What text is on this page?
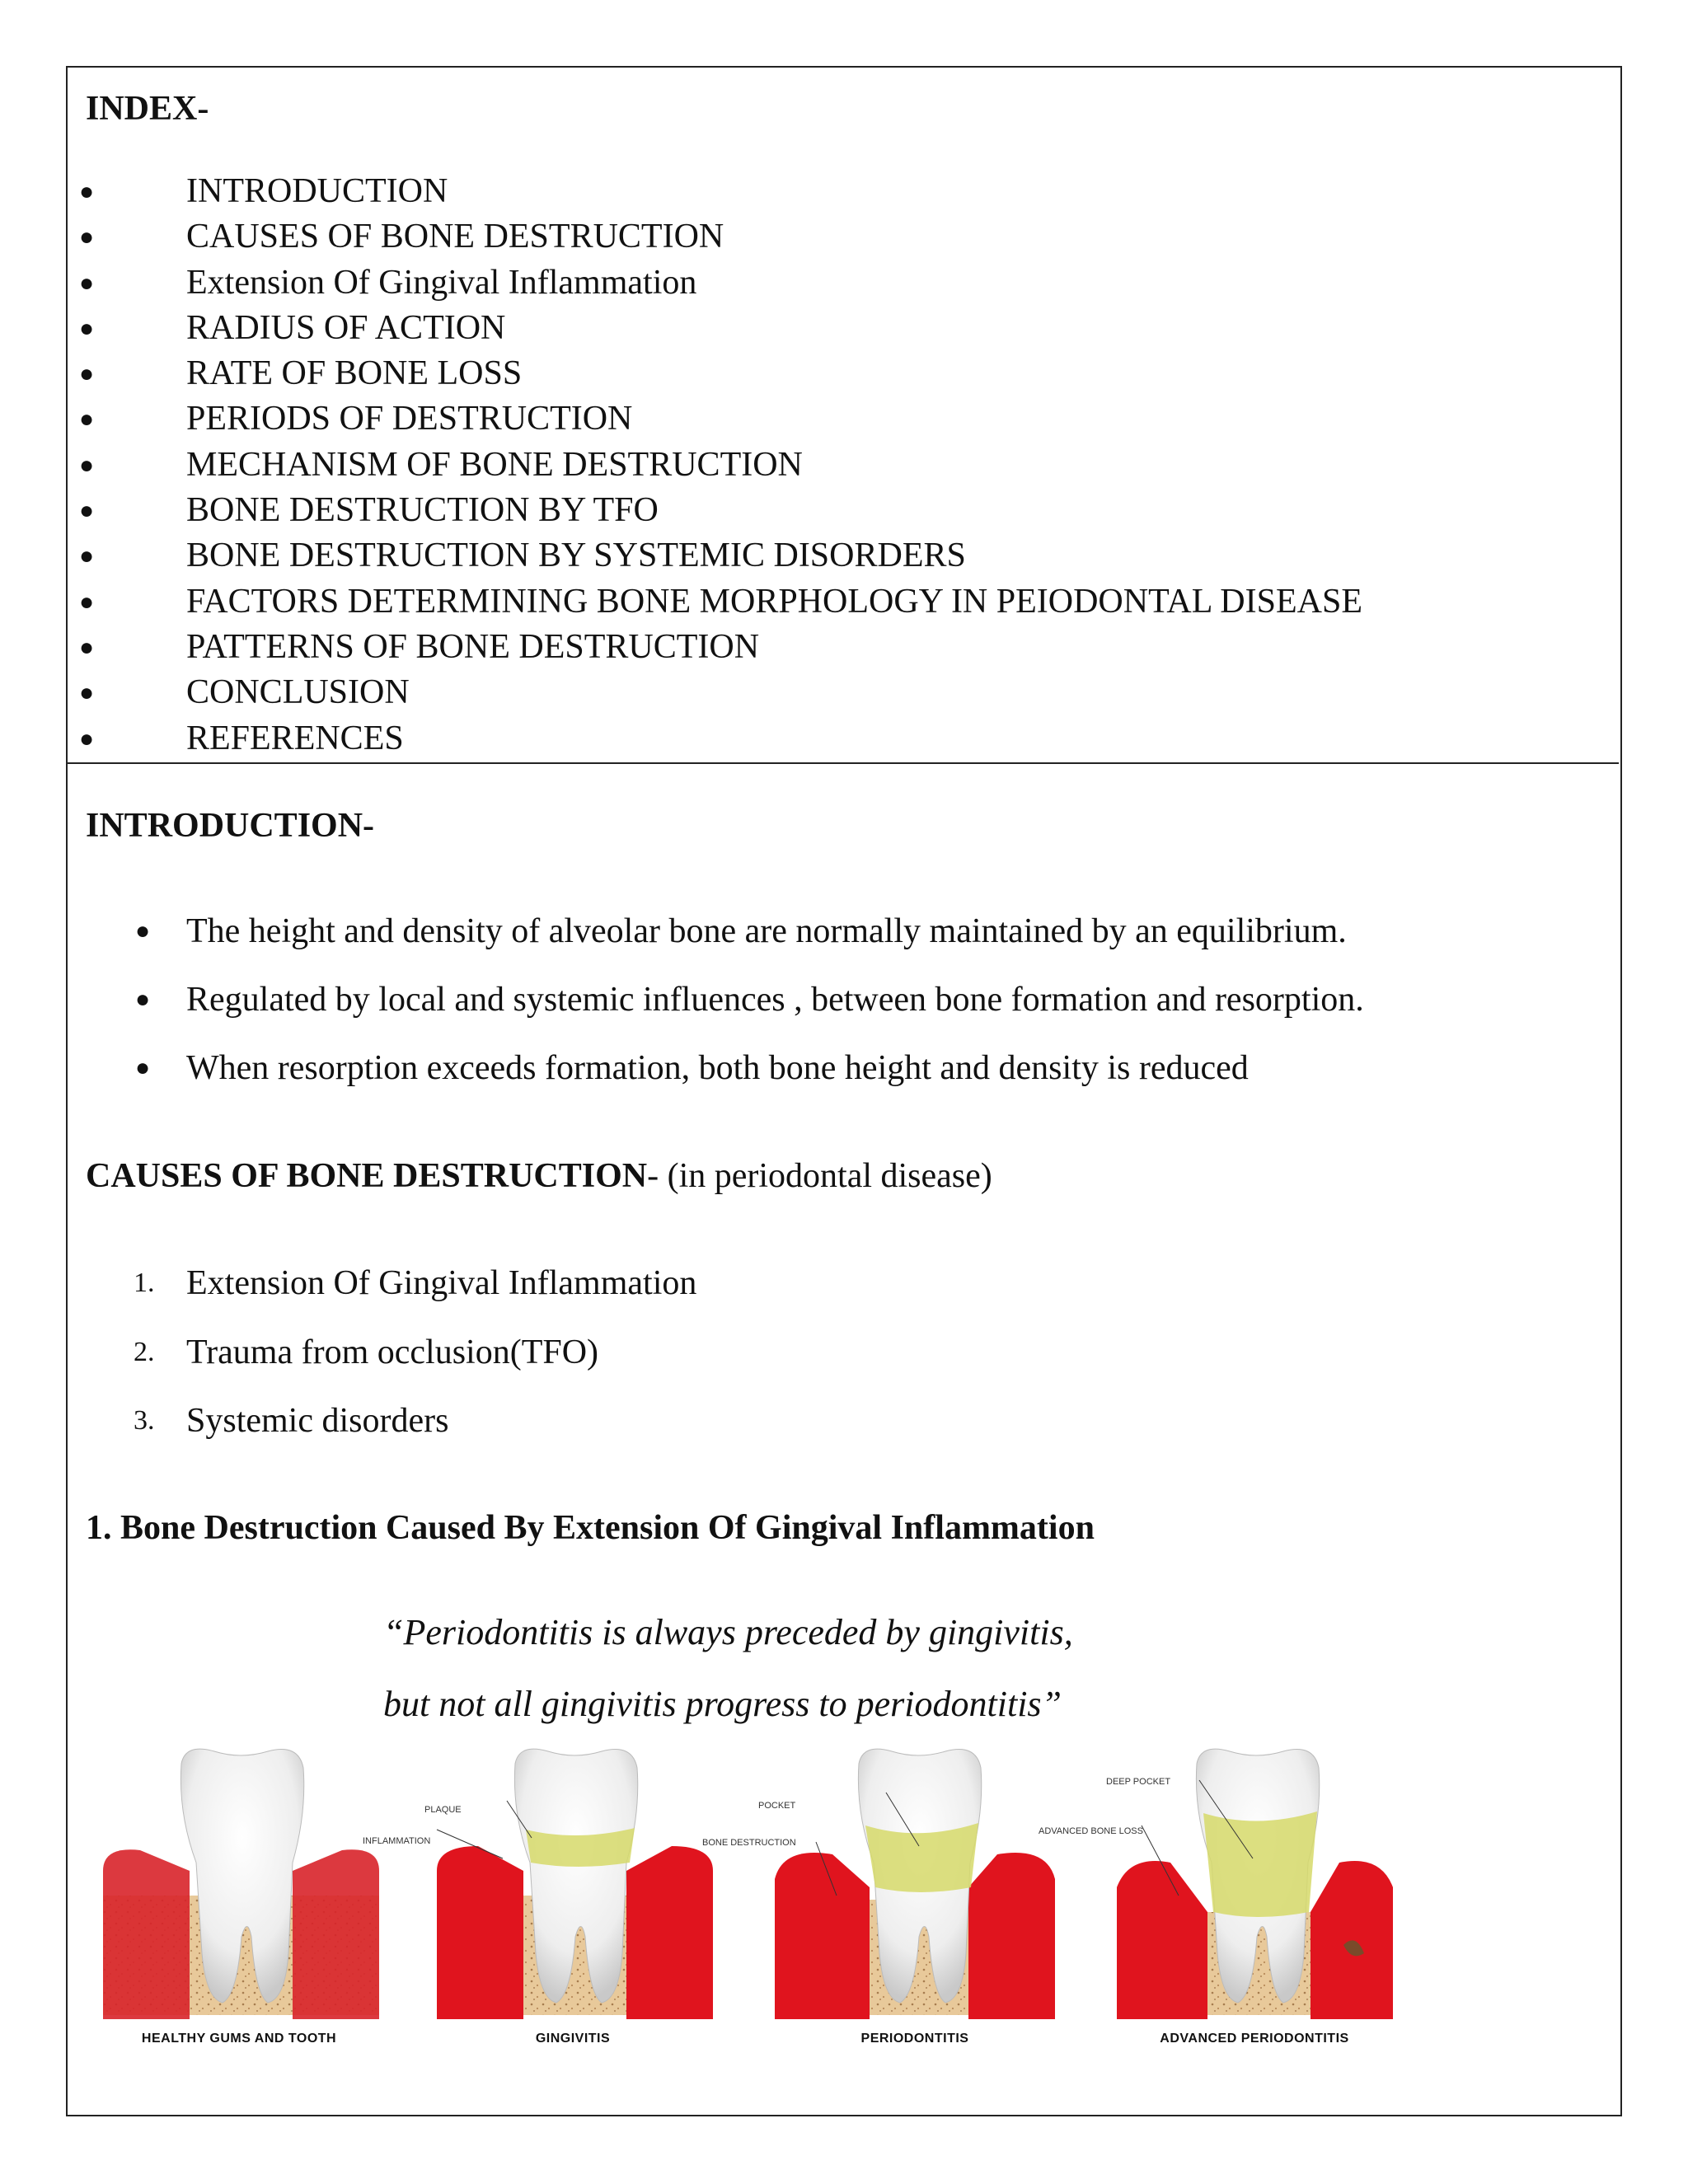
INDEX-
●	INTRODUCTION
●	CAUSES OF BONE DESTRUCTION
●	Extension Of Gingival Inflammation
●	RADIUS OF ACTION
●	RATE OF BONE LOSS
●	PERIODS OF DESTRUCTION
●	MECHANISM OF BONE DESTRUCTION
●	BONE DESTRUCTION BY TFO
●	BONE DESTRUCTION BY SYSTEMIC DISORDERS
●	FACTORS DETERMINING BONE MORPHOLOGY IN PEIODONTAL DISEASE
●	PATTERNS OF BONE DESTRUCTION
●	CONCLUSION
●	REFERENCES
INTRODUCTION-
● The height and density of alveolar bone are normally maintained by an equilibrium.
● Regulated by local and systemic influences , between bone formation and resorption.
● When resorption exceeds formation, both bone height and density is reduced
CAUSES OF BONE DESTRUCTION- (in periodontal disease)
1. Extension Of Gingival Inflammation
2. Trauma from occlusion(TFO)
3. Systemic disorders
1. Bone Destruction Caused By Extension Of Gingival Inflammation
“Periodontitis is always preceded by gingivitis,
but not all gingivitis progress to periodontitis”
PLAQUE
INFLAMMATION
POCKET
BONE DESTRUCTION
DEEP POCKET
ADVANCED BONE LOSS
HEALTHY GUMS AND TOOTH	GINGIVITIS	PERIODONTITIS	ADVANCED PERIODONTITIS
